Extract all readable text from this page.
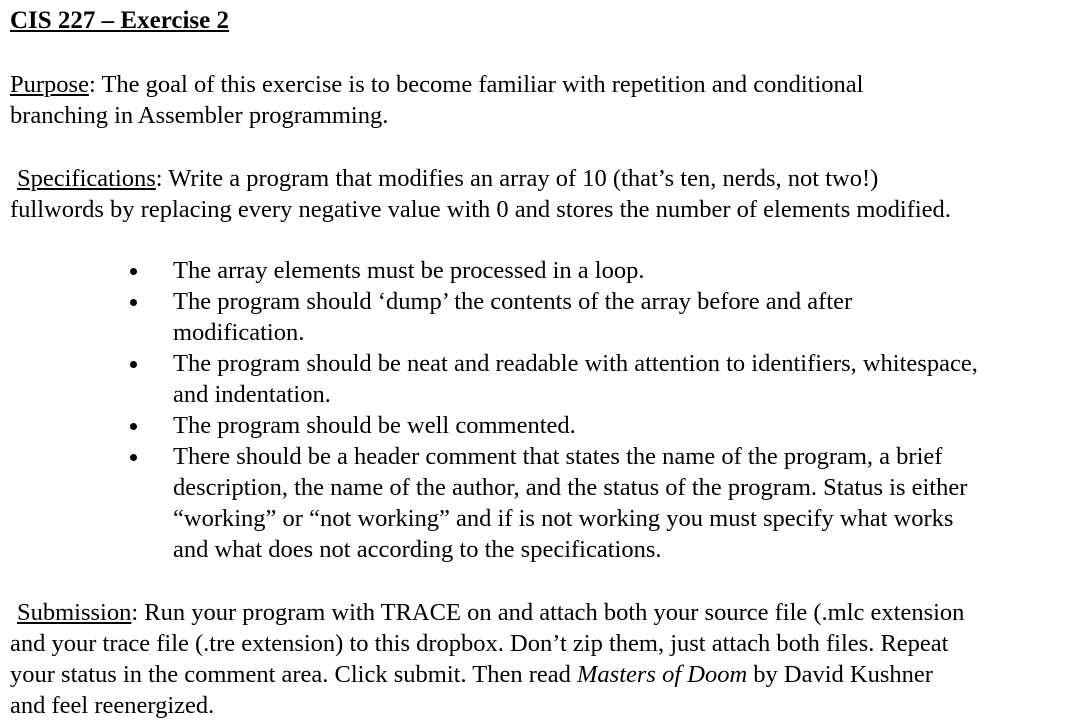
CIS 227 – Exercise 2
Purpose: The goal of this exercise is to become familiar with repetition and conditional
branching in Assembler programming.
Specifications: Write a program that modifies an array of 10 (that’s ten, nerds, not two!)
fullwords by replacing every negative value with 0 and stores the number of elements modified.
The array elements must be processed in a loop.
The program should ‘dump’ the contents of the array before and after
modification.
The program should be neat and readable with attention to identifiers, whitespace,
and indentation.
The program should be well commented.
There should be a header comment that states the name of the program, a brief
description, the name of the author, and the status of the program. Status is either
“working” or “not working” and if is not working you must specify what works
and what does not according to the specifications.
Submission: Run your program with TRACE on and attach both your source file (.mlc extension
and your trace file (.tre extension) to this dropbox. Don’t zip them, just attach both files. Repeat
your status in the comment area. Click submit. Then read Masters of Doom by David Kushner
and feel reenergized.
